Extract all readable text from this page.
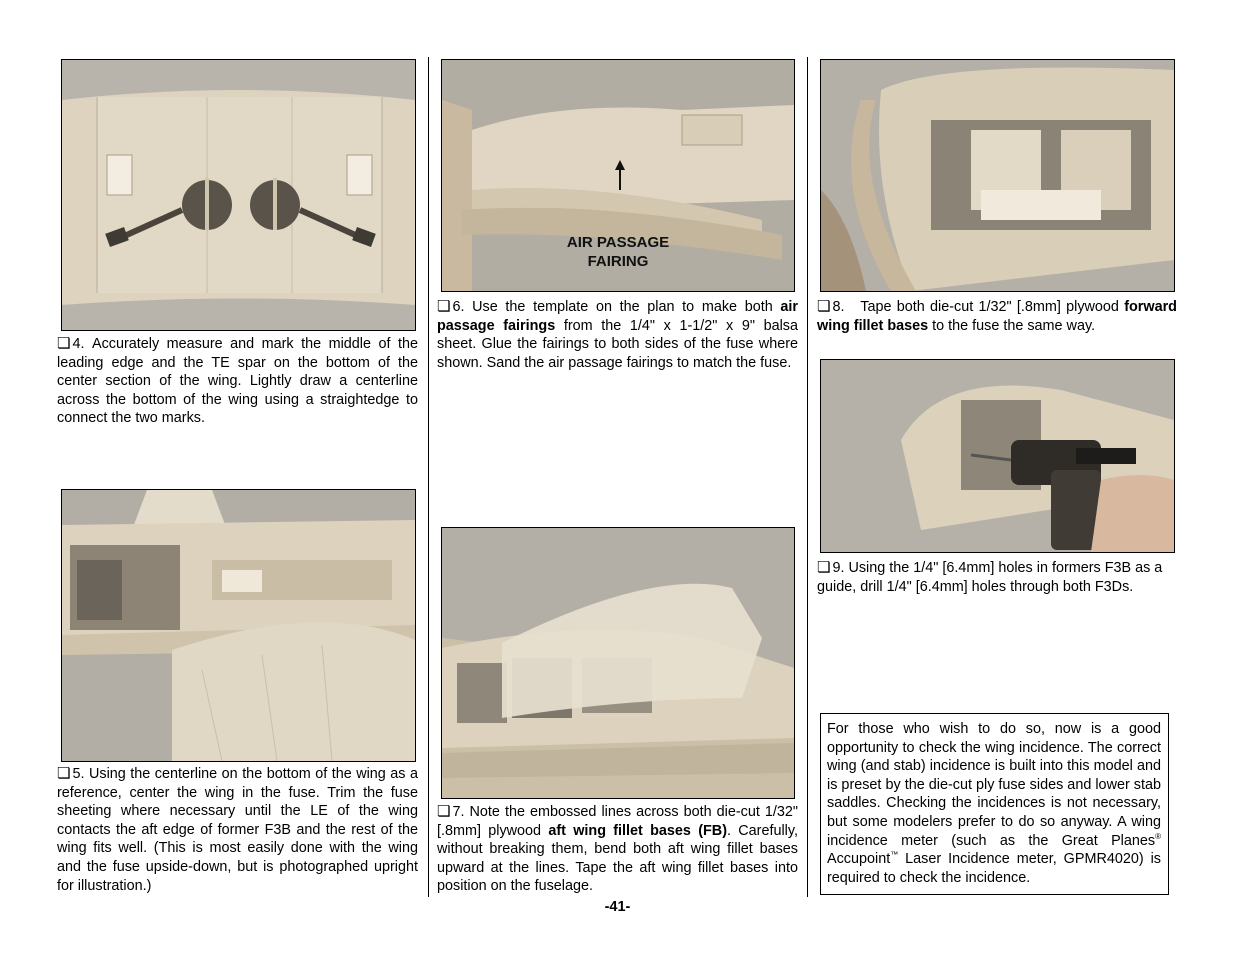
❏ 4. Accurately measure and mark the middle of the leading edge and the TE spar on the bottom of the center section of the wing. Lightly draw a centerline across the bottom of the wing using a straightedge to connect the two marks.

❏ 5. Using the centerline on the bottom of the wing as a reference, center the wing in the fuse. Trim the fuse sheeting where necessary until the LE of the wing contacts the aft edge of former F3B and the rest of the wing fits well. (This is most easily done with the wing and the fuse upside-down, but is photographed upright for illustration.)

AIR PASSAGE
FAIRING

❏ 6. Use the template on the plan to make both air passage fairings from the 1/4" x 1-1/2" x 9" balsa sheet. Glue the fairings to both sides of the fuse where shown. Sand the air passage fairings to match the fuse.

❏ 7. Note the embossed lines across both die-cut 1/32" [.8mm] plywood aft wing fillet bases (FB). Carefully, without breaking them, bend both aft wing fillet bases upward at the lines. Tape the aft wing fillet bases into position on the fuselage.

❏ 8. Tape both die-cut 1/32" [.8mm] plywood forward wing fillet bases to the fuse the same way.

❏ 9. Using the 1/4" [6.4mm] holes in formers F3B as a guide, drill 1/4" [6.4mm] holes through both F3Ds.

For those who wish to do so, now is a good opportunity to check the wing incidence. The correct wing (and stab) incidence is built into this model and is preset by the die-cut ply fuse sides and lower stab saddles. Checking the incidences is not necessary, but some modelers prefer to do so anyway. A wing incidence meter (such as the Great Planes® Accupoint™ Laser Incidence meter, GPMR4020) is required to check the incidence.
-41-
